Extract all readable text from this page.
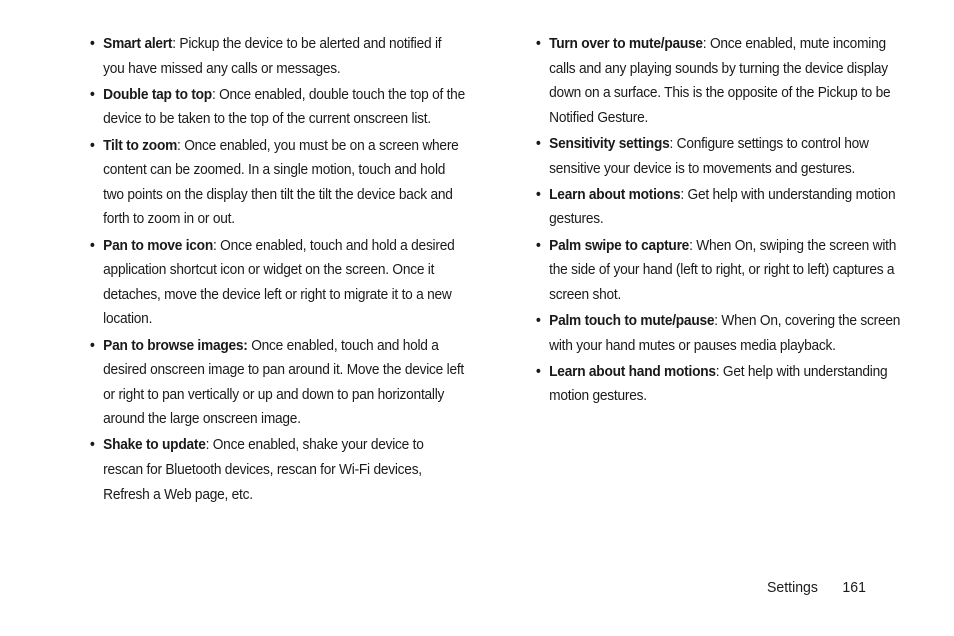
• Smart alert: Pickup the device to be alerted and notified if you have missed any calls or messages.
• Double tap to top: Once enabled, double touch the top of the device to be taken to the top of the current onscreen list.
• Tilt to zoom: Once enabled, you must be on a screen where content can be zoomed. In a single motion, touch and hold two points on the display then tilt the tilt the device back and forth to zoom in or out.
• Pan to move icon: Once enabled, touch and hold a desired application shortcut icon or widget on the screen. Once it detaches, move the device left or right to migrate it to a new location.
• Pan to browse images: Once enabled, touch and hold a desired onscreen image to pan around it. Move the device left or right to pan vertically or up and down to pan horizontally around the large onscreen image.
• Shake to update: Once enabled, shake your device to rescan for Bluetooth devices, rescan for Wi-Fi devices, Refresh a Web page, etc.
• Turn over to mute/pause: Once enabled, mute incoming calls and any playing sounds by turning the device display down on a surface. This is the opposite of the Pickup to be Notified Gesture.
• Sensitivity settings: Configure settings to control how sensitive your device is to movements and gestures.
• Learn about motions: Get help with understanding motion gestures.
• Palm swipe to capture: When On, swiping the screen with the side of your hand (left to right, or right to left) captures a screen shot.
• Palm touch to mute/pause: When On, covering the screen with your hand mutes or pauses media playback.
• Learn about hand motions: Get help with understanding motion gestures.
Settings 161
